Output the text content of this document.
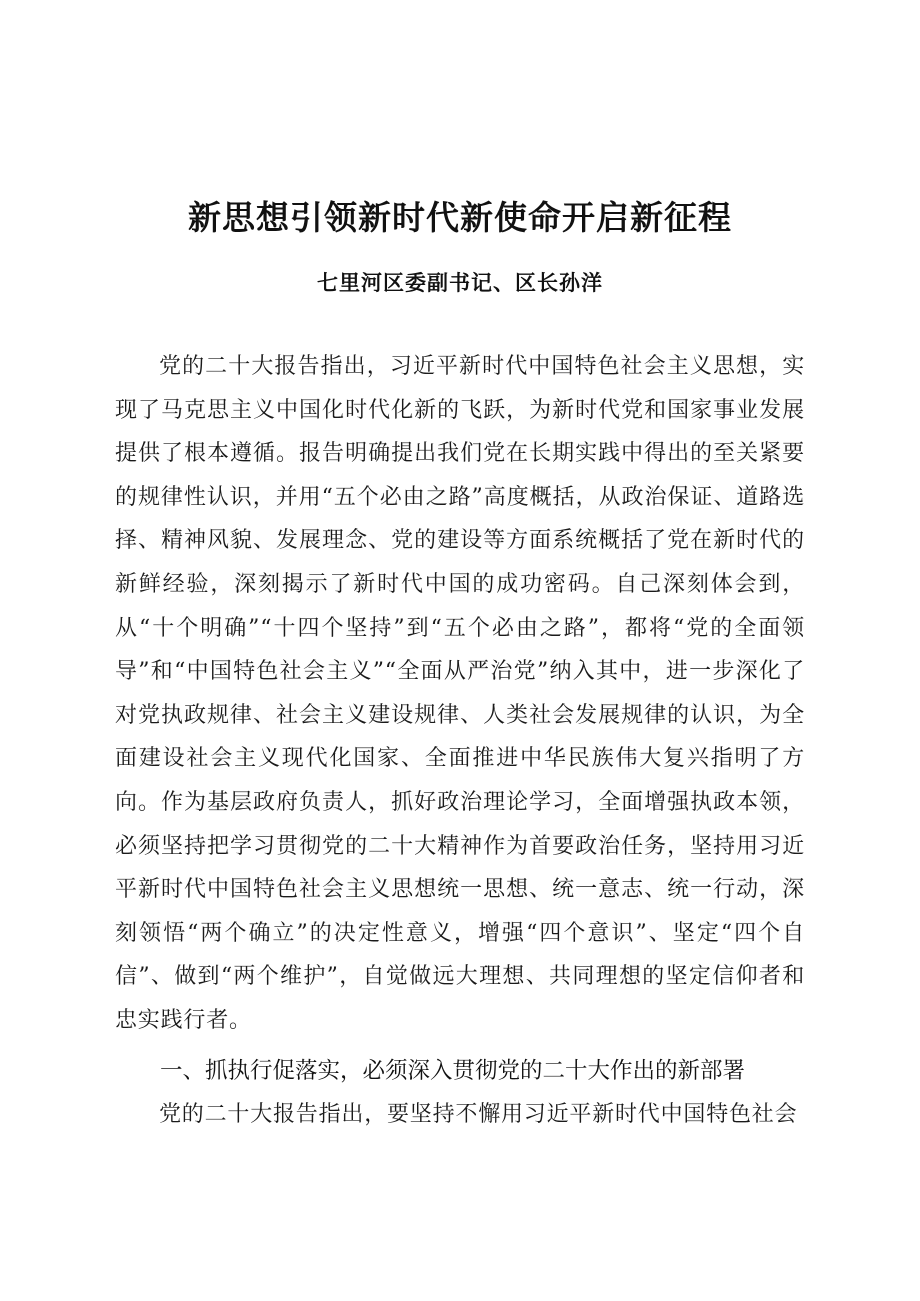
新思想引领新时代新使命开启新征程
七里河区委副书记、区长孙洋

党的二十大报告指出，习近平新时代中国特色社会主义思想，实现了马克思主义中国化时代化新的飞跃，为新时代党和国家事业发展提供了根本遵循。报告明确提出我们党在长期实践中得出的至关紧要的规律性认识，并用“五个必由之路”高度概括，从政治保证、道路选择、精神风貌、发展理念、党的建设等方面系统概括了党在新时代的新鲜经验，深刻揭示了新时代中国的成功密码。自己深刻体会到，从“十个明确”“十四个坚持”到“五个必由之路”，都将“党的全面领导”和“中国特色社会主义”“全面从严治党”纳入其中，进一步深化了对党执政规律、社会主义建设规律、人类社会发展规律的认识，为全面建设社会主义现代化国家、全面推进中华民族伟大复兴指明了方向。作为基层政府负责人，抓好政治理论学习，全面增强执政本领，必须坚持把学习贯彻党的二十大精神作为首要政治任务，坚持用习近平新时代中国特色社会主义思想统一思想、统一意志、统一行动，深刻领悟“两个确立”的决定性意义，增强“四个意识”、坚定“四个自信”、做到“两个维护”，自觉做远大理想、共同理想的坚定信仰者和忠实践行者。

一、抓执行促落实，必须深入贯彻党的二十大作出的新部署

党的二十大报告指出，要坚持不懈用习近平新时代中国特色社会
